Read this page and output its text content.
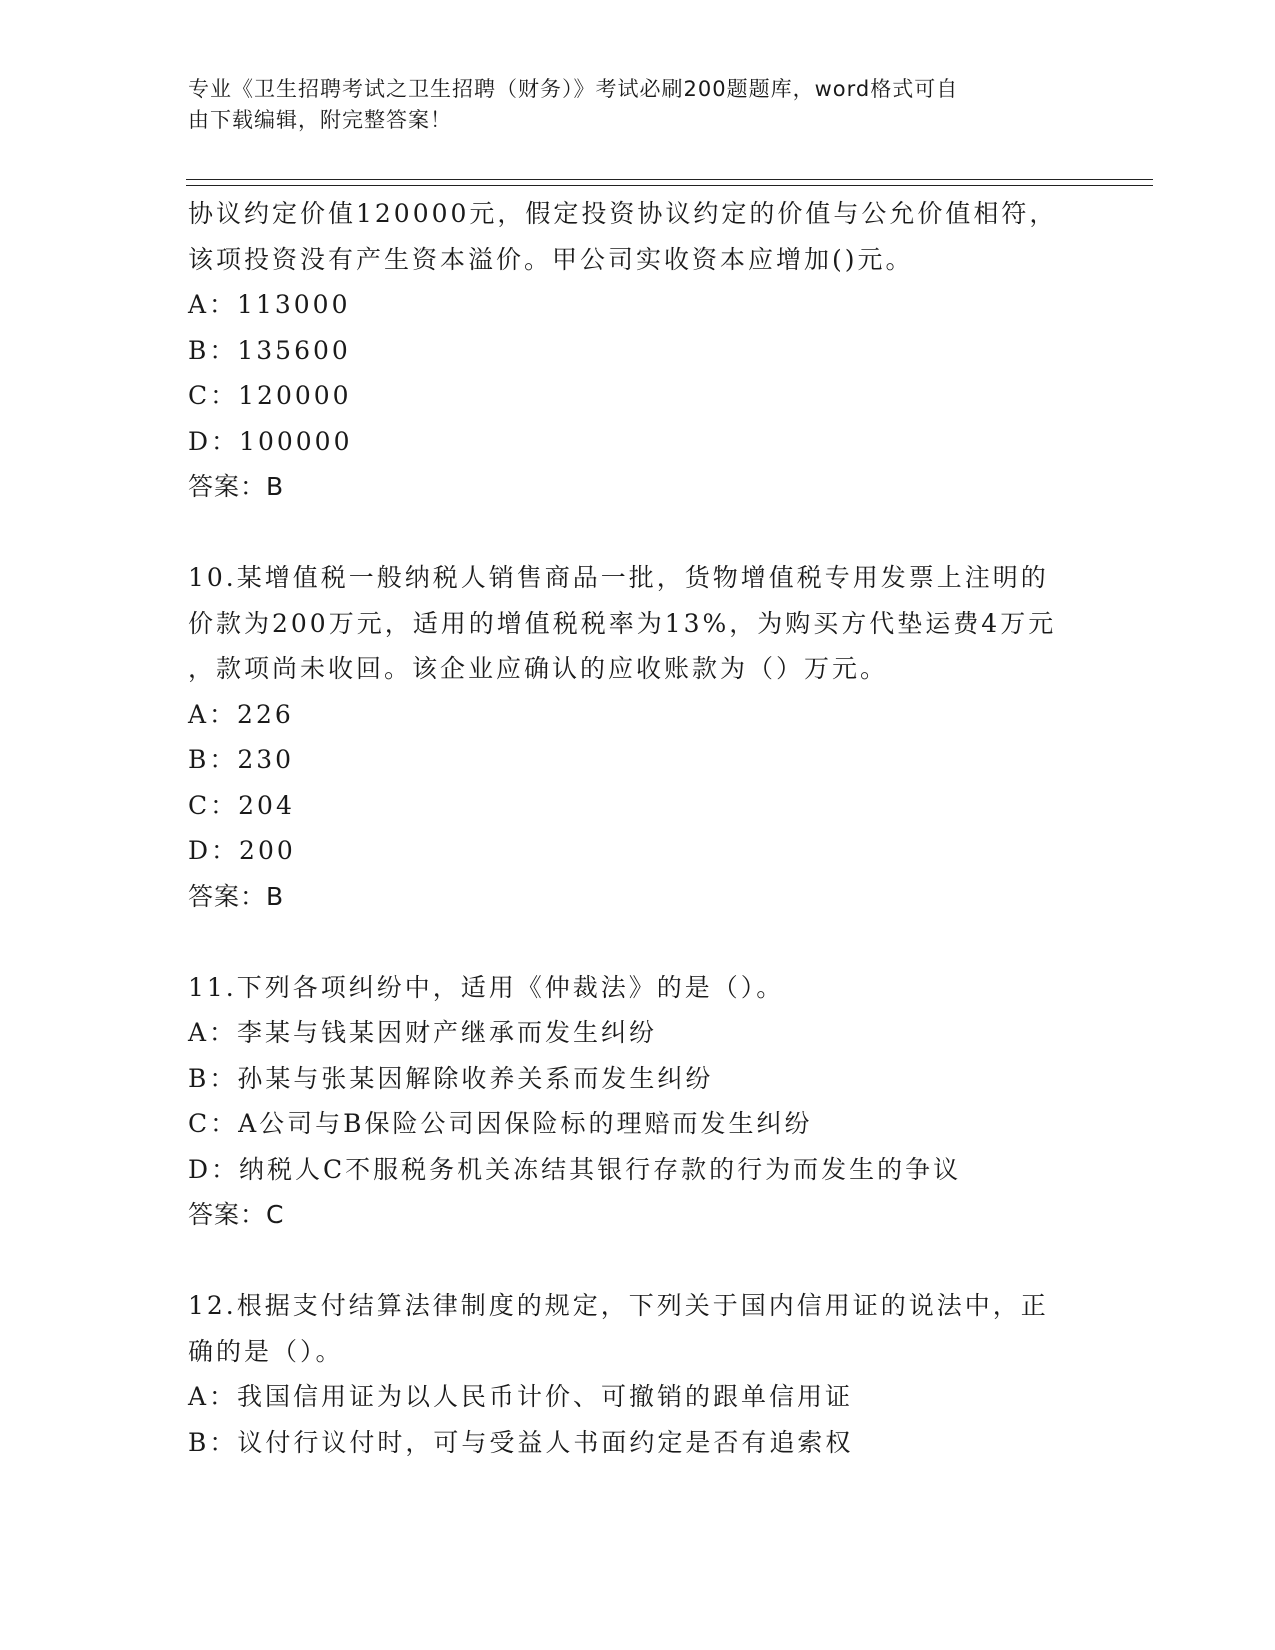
专业《卫生招聘考试之卫生招聘（财务）》考试必刷200题题库，word格式可自
由下载编辑，附完整答案！
协议约定价值120000元，假定投资协议约定的价值与公允价值相符，
该项投资没有产生资本溢价。甲公司实收资本应增加()元。
A：113000
B：135600
C：120000
D：100000
答案：B
10.某增值税一般纳税人销售商品一批，货物增值税专用发票上注明的
价款为200万元，适用的增值税税率为13%，为购买方代垫运费4万元
，款项尚未收回。该企业应确认的应收账款为（）万元。
A：226
B：230
C：204
D：200
答案：B
11.下列各项纠纷中，适用《仲裁法》的是（）。
A：李某与钱某因财产继承而发生纠纷
B：孙某与张某因解除收养关系而发生纠纷
C：A公司与B保险公司因保险标的理赔而发生纠纷
D：纳税人C不服税务机关冻结其银行存款的行为而发生的争议
答案：C
12.根据支付结算法律制度的规定，下列关于国内信用证的说法中，正
确的是（）。
A：我国信用证为以人民币计价、可撤销的跟单信用证
B：议付行议付时，可与受益人书面约定是否有追索权
